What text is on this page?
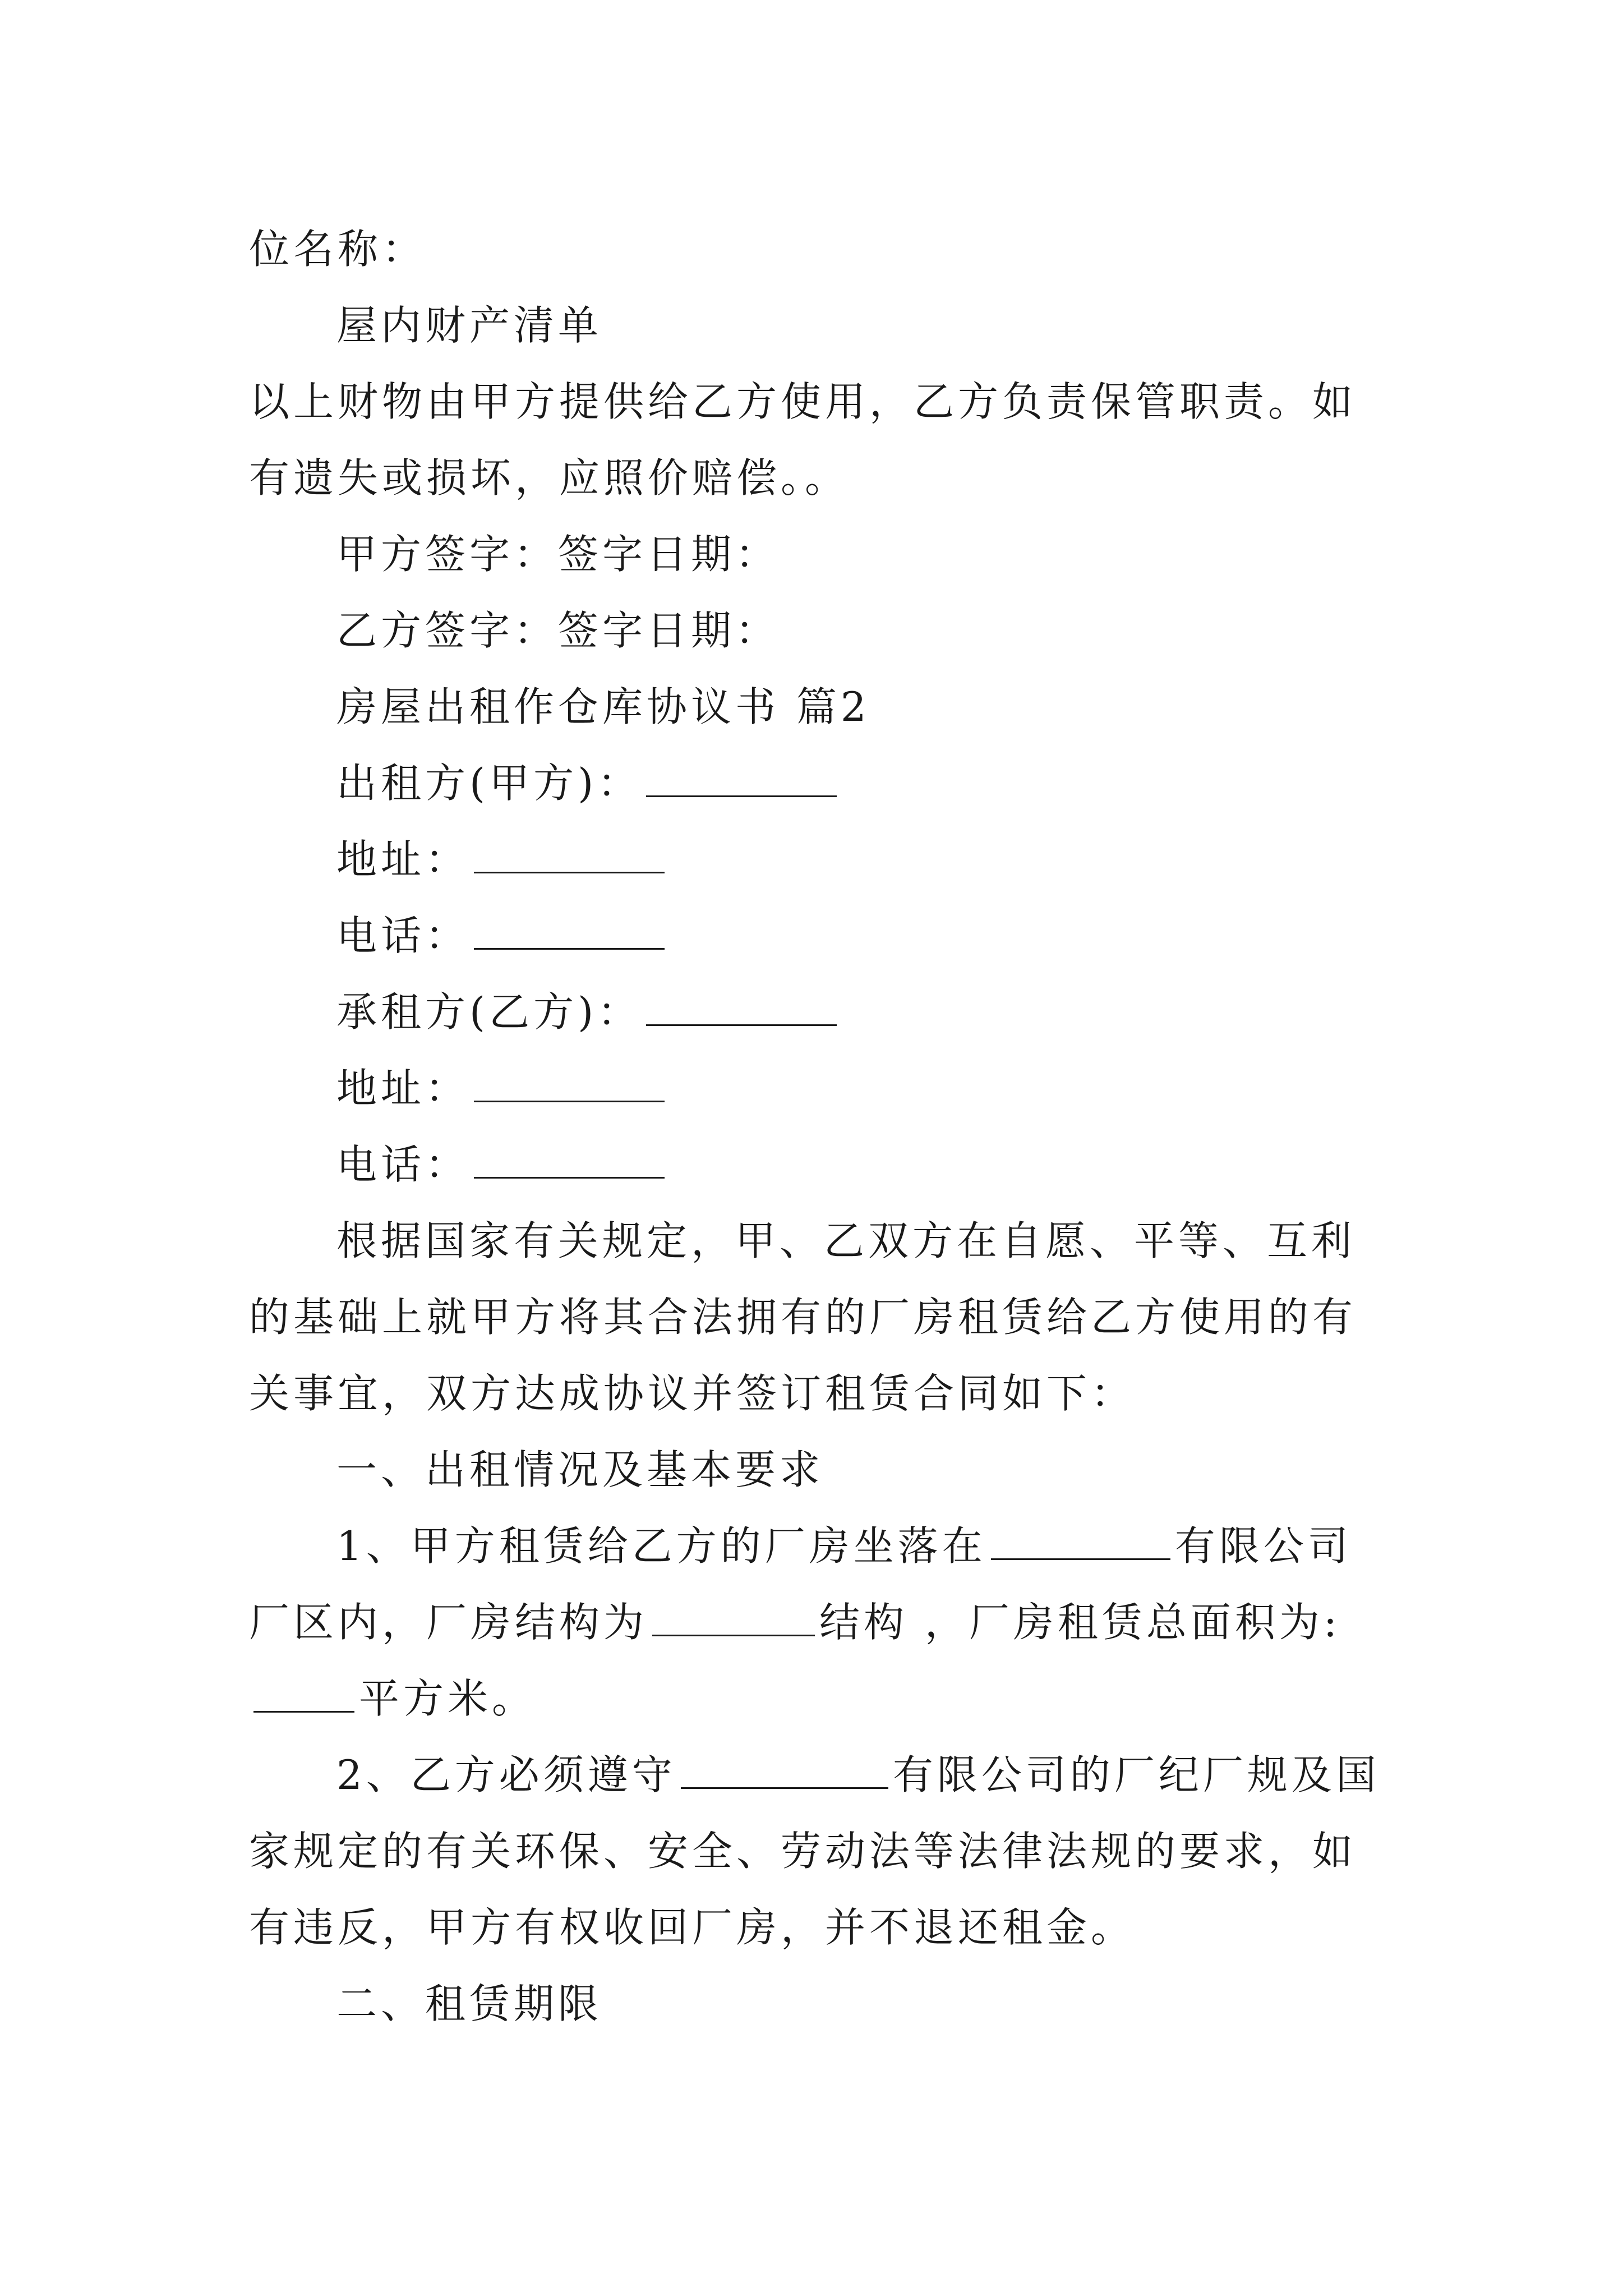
位名称：
屋内财产清单
以上财物由甲方提供给乙方使用，乙方负责保管职责。如有遗失或损坏，应照价赔偿。。
甲方签字：签字日期：
乙方签字：签字日期：
房屋出租作仓库协议书 篇2
出租方(甲方)：
地址：
电话：
承租方(乙方)：
地址：
电话：
根据国家有关规定，甲、乙双方在自愿、平等、互利的基础上就甲方将其合法拥有的厂房租赁给乙方使用的有关事宜，双方达成协议并签订租赁合同如下：
一、出租情况及基本要求
1、甲方租赁给乙方的厂房坐落在	有限公司厂区内，厂房结构为	结构 ，厂房租赁总面积为:平方米。
2、乙方必须遵守	有限公司的厂纪厂规及国家规定的有关环保、安全、劳动法等法律法规的要求，如有违反，甲方有权收回厂房，并不退还租金。
二、租赁期限
